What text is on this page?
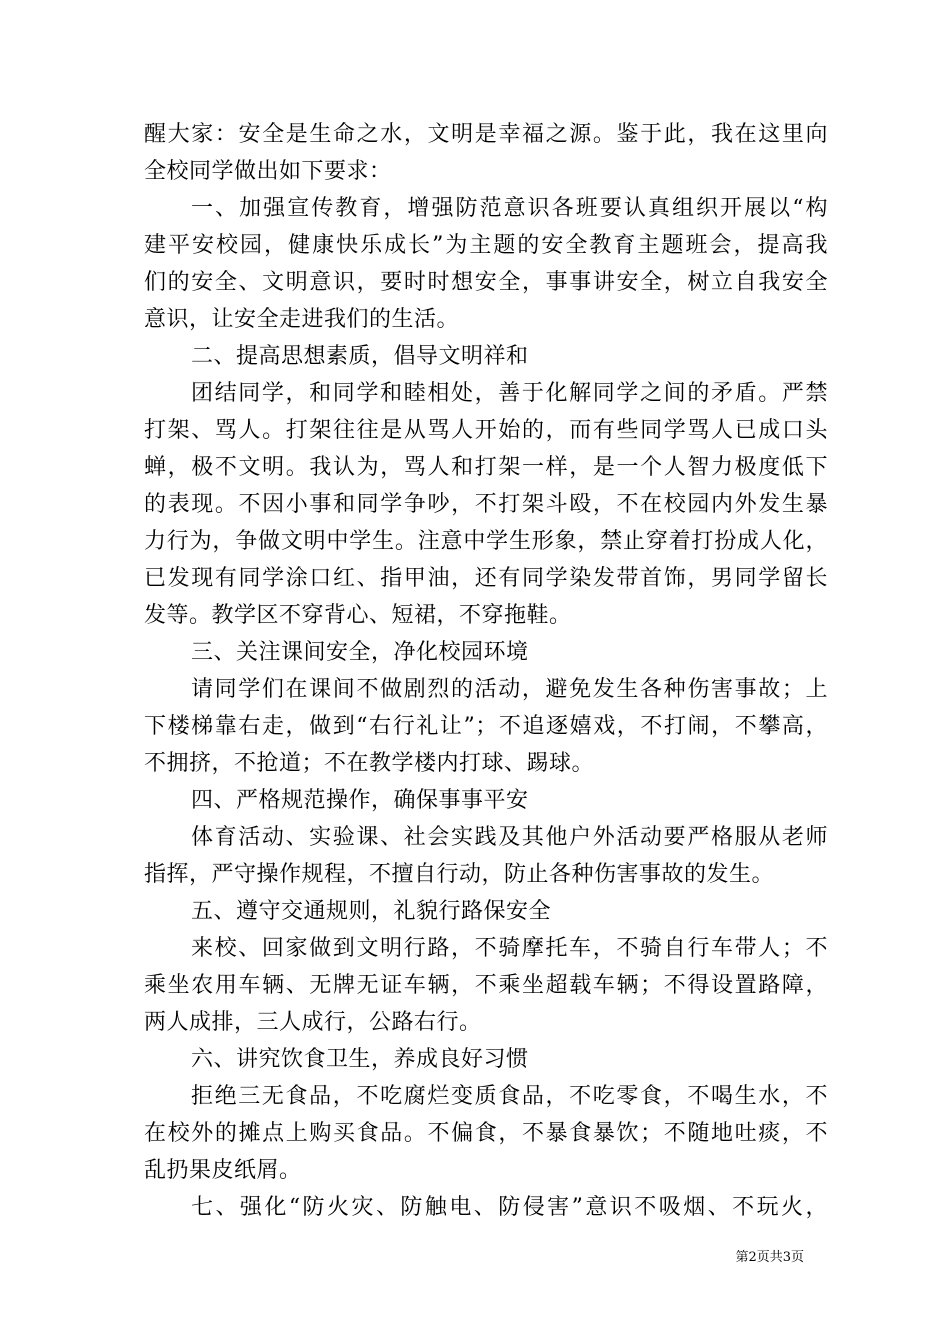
醒大家：安全是生命之水，文明是幸福之源。鉴于此，我在这里向
全校同学做出如下要求：
一、加强宣传教育，增强防范意识各班要认真组织开展以“构
建平安校园，健康快乐成长”为主题的安全教育主题班会，提高我
们的安全、文明意识，要时时想安全，事事讲安全，树立自我安全
意识，让安全走进我们的生活。
二、提高思想素质，倡导文明祥和
团结同学，和同学和睦相处，善于化解同学之间的矛盾。严禁
打架、骂人。打架往往是从骂人开始的，而有些同学骂人已成口头
蝉，极不文明。我认为，骂人和打架一样，是一个人智力极度低下
的表现。不因小事和同学争吵，不打架斗殴，不在校园内外发生暴
力行为，争做文明中学生。注意中学生形象，禁止穿着打扮成人化，
已发现有同学涂口红、指甲油，还有同学染发带首饰，男同学留长
发等。教学区不穿背心、短裙，不穿拖鞋。
三、关注课间安全，净化校园环境
请同学们在课间不做剧烈的活动，避免发生各种伤害事故；上
下楼梯靠右走，做到“右行礼让”；不追逐嬉戏，不打闹，不攀高，
不拥挤，不抢道；不在教学楼内打球、踢球。
四、严格规范操作，确保事事平安
体育活动、实验课、社会实践及其他户外活动要严格服从老师
指挥，严守操作规程，不擅自行动，防止各种伤害事故的发生。
五、遵守交通规则，礼貌行路保安全
来校、回家做到文明行路，不骑摩托车，不骑自行车带人；不
乘坐农用车辆、无牌无证车辆，不乘坐超载车辆；不得设置路障，
两人成排，三人成行，公路右行。
六、讲究饮食卫生，养成良好习惯
拒绝三无食品，不吃腐烂变质食品，不吃零食，不喝生水，不
在校外的摊点上购买食品。不偏食，不暴食暴饮；不随地吐痰，不
乱扔果皮纸屑。
七、强化“防火灾、防触电、防侵害”意识不吸烟、不玩火，
第2页共3页
